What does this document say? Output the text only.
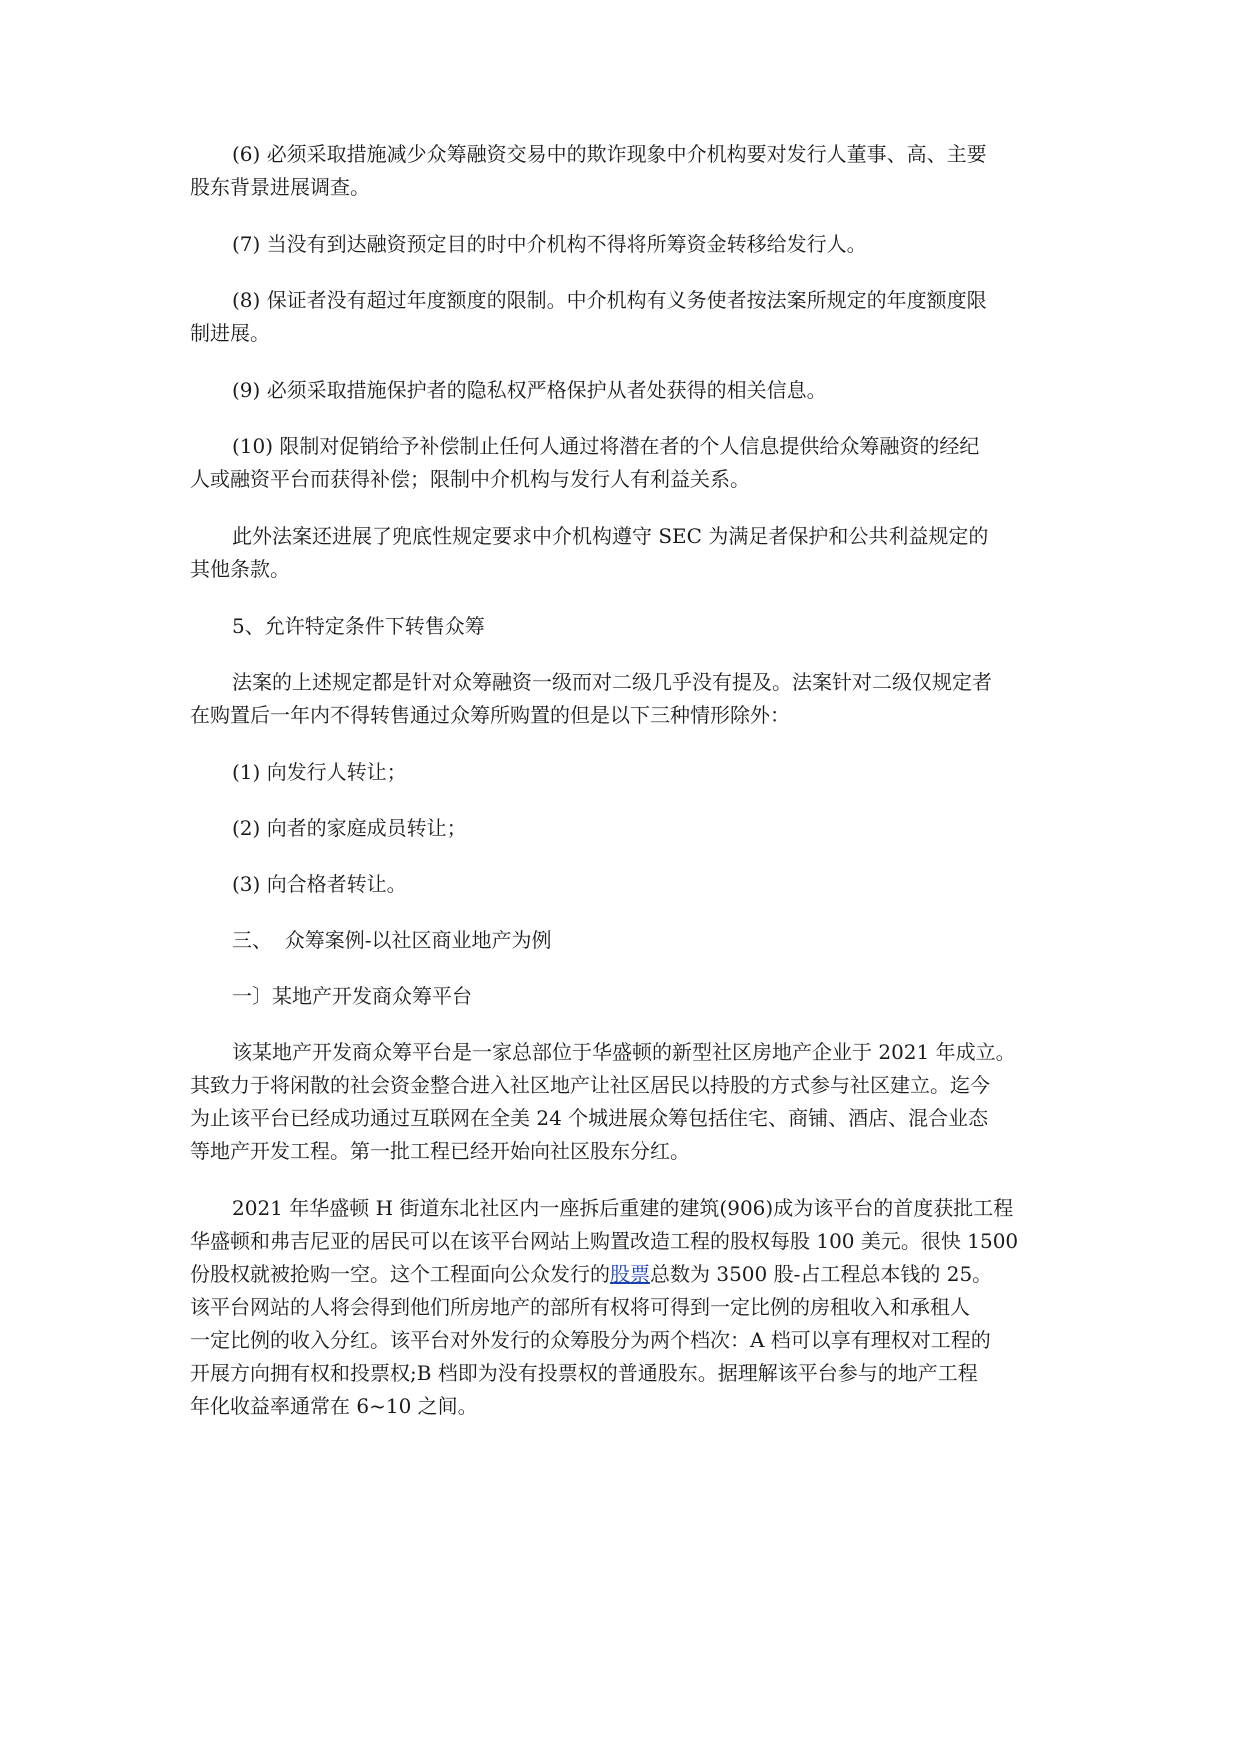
(6) 必须采取措施减少众筹融资交易中的欺诈现象中介机构要对发行人董事、高、主要
股东背景进展调查。

(7) 当没有到达融资预定目的时中介机构不得将所筹资金转移给发行人。

(8) 保证者没有超过年度额度的限制。中介机构有义务使者按法案所规定的年度额度限
制进展。

(9) 必须采取措施保护者的隐私权严格保护从者处获得的相关信息。

(10) 限制对促销给予补偿制止任何人通过将潜在者的个人信息提供给众筹融资的经纪
人或融资平台而获得补偿；限制中介机构与发行人有利益关系。

此外法案还进展了兜底性规定要求中介机构遵守 SEC 为满足者保护和公共利益规定的
其他条款。

5、允许特定条件下转售众筹

法案的上述规定都是针对众筹融资一级而对二级几乎没有提及。法案针对二级仅规定者
在购置后一年内不得转售通过众筹所购置的但是以下三种情形除外：

(1) 向发行人转让；

(2) 向者的家庭成员转让；

(3) 向合格者转让。

三、  众筹案例-以社区商业地产为例

一〕某地产开发商众筹平台

该某地产开发商众筹平台是一家总部位于华盛顿的新型社区房地产企业于 2021 年成立。
其致力于将闲散的社会资金整合进入社区地产让社区居民以持股的方式参与社区建立。迄今
为止该平台已经成功通过互联网在全美 24 个城进展众筹包括住宅、商铺、酒店、混合业态
等地产开发工程。第一批工程已经开始向社区股东分红。

2021 年华盛顿 H 街道东北社区内一座拆后重建的建筑(906)成为该平台的首度获批工程
华盛顿和弗吉尼亚的居民可以在该平台网站上购置改造工程的股权每股 100 美元。很快 1500
份股权就被抢购一空。这个工程面向公众发行的股票总数为 3500 股-占工程总本钱的 25。
该平台网站的人将会得到他们所房地产的部所有权将可得到一定比例的房租收入和承租人
一定比例的收入分红。该平台对外发行的众筹股分为两个档次：A 档可以享有理权对工程的
开展方向拥有权和投票权;B 档即为没有投票权的普通股东。据理解该平台参与的地产工程
年化收益率通常在 6~10 之间。
